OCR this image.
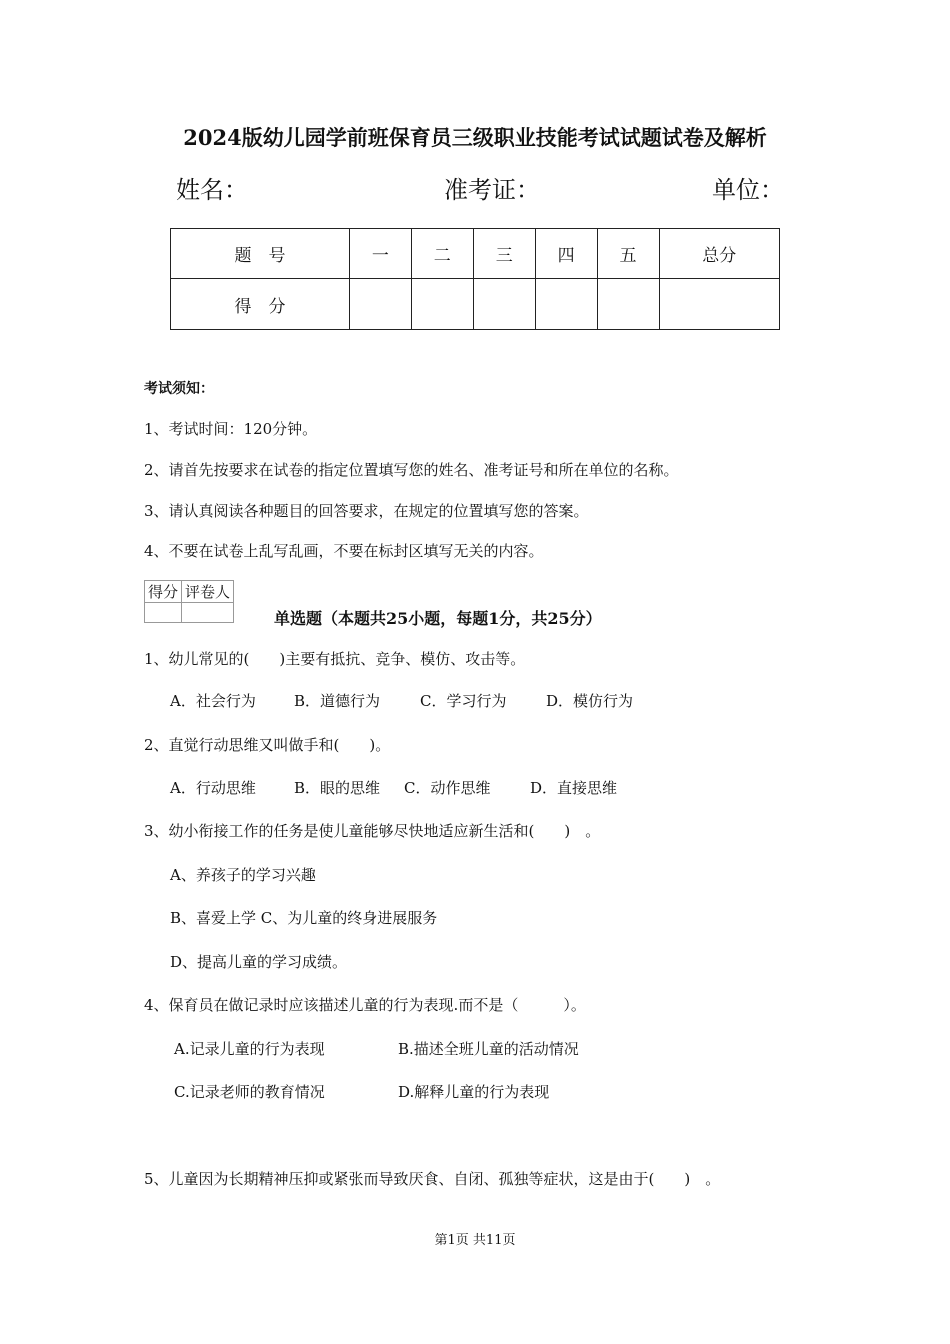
2024版幼儿园学前班保育员三级职业技能考试试题试卷及解析
姓名：	准考证：	单位：
题　号	一	二	三	四	五	总分
得　分						
考试须知：
1、考试时间：120分钟。
2、请首先按要求在试卷的指定位置填写您的姓名、准考证号和所在单位的名称。
3、请认真阅读各种题目的回答要求，在规定的位置填写您的答案。
4、不要在试卷上乱写乱画，不要在标封区填写无关的内容。
得分	评卷人

单选题（本题共25小题，每题1分，共25分）
1、幼儿常见的(　　)主要有抵抗、竞争、模仿、攻击等。
A．社会行为	B．道德行为	C．学习行为	D．模仿行为
2、直觉行动思维又叫做手和(　　)。
A．行动思维	B．眼的思维 C．动作思维	D．直接思维
3、幼小衔接工作的任务是使儿童能够尽快地适应新生活和(　　)　。
A、养孩子的学习兴趣
B、喜爱上学 C、为儿童的终身进展服务
D、提高儿童的学习成绩。
4、保育员在做记录时应该描述儿童的行为表现.而不是（　　　）。
A.记录儿童的行为表现	B.描述全班儿童的活动情况
C.记录老师的教育情况	D.解释儿童的行为表现
5、儿童因为长期精神压抑或紧张而导致厌食、自闭、孤独等症状，这是由于(　　)　。
第1页 共11页
